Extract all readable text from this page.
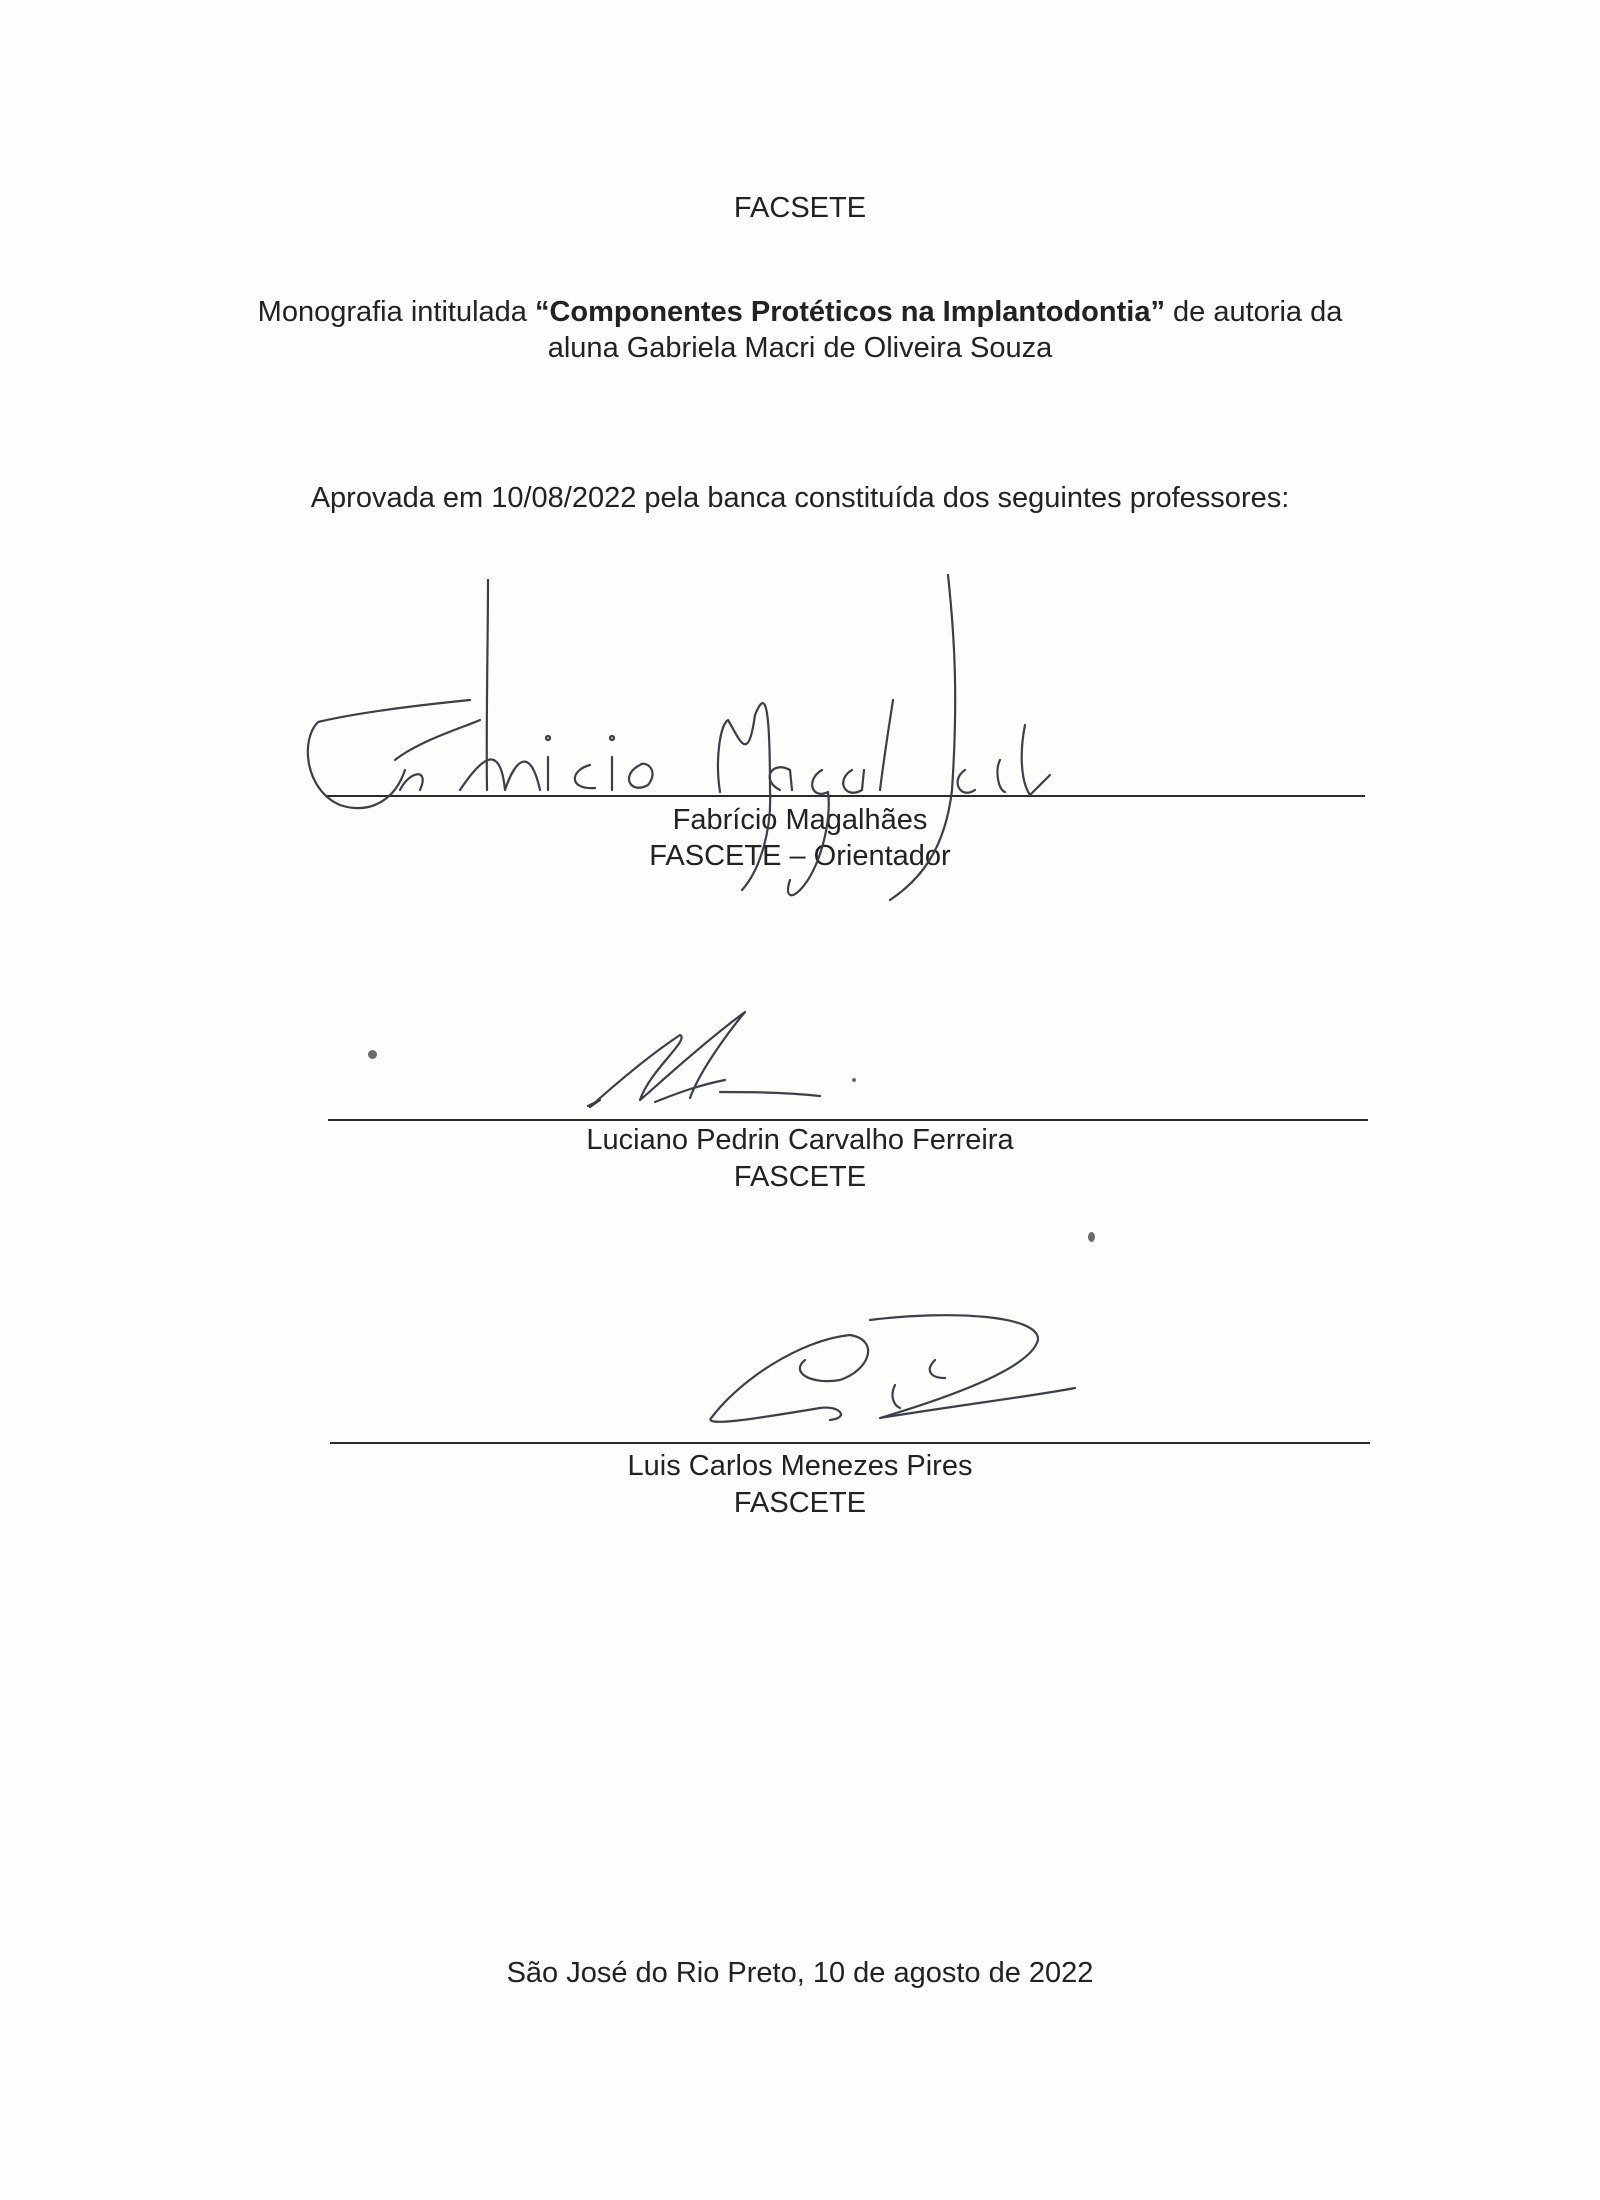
FACSETE
Monografia intitulada “Componentes Protéticos na Implantodontia” de autoria da
aluna Gabriela Macri de Oliveira Souza
Aprovada em 10/08/2022 pela banca constituída dos seguintes professores:
Fabrício Magalhães
FASCETE – Orientador
Luciano Pedrin Carvalho Ferreira
FASCETE
Luis Carlos Menezes Pires
FASCETE
São José do Rio Preto, 10 de agosto de 2022
